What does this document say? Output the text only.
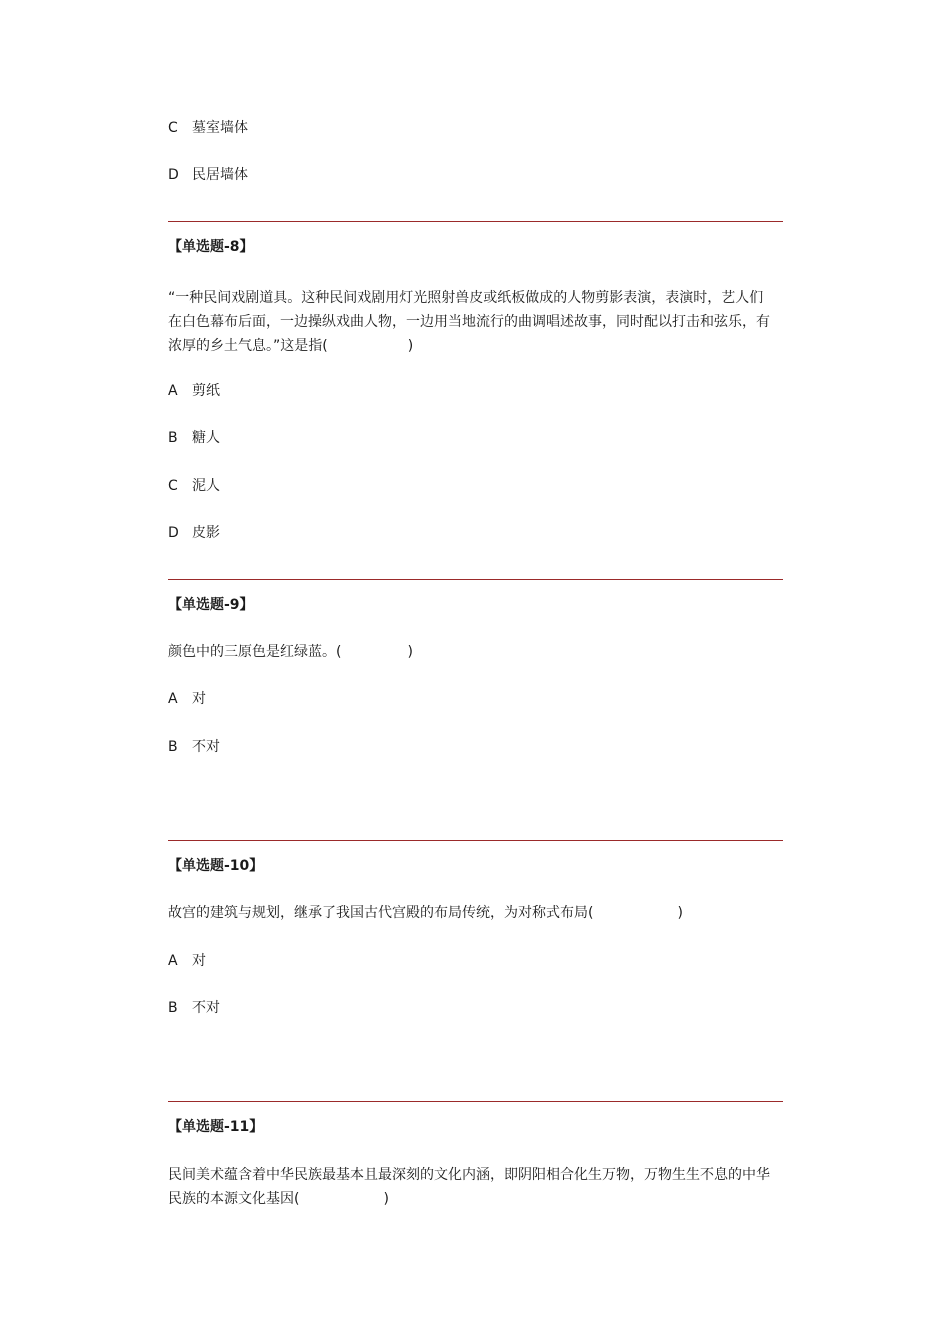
C 墓室墙体
D 民居墙体
【单选题-8】
“一种民间戏剧道具。这种民间戏剧用灯光照射兽皮或纸板做成的人物剪影表演，表演时，艺人们
在白色幕布后面，一边操纵戏曲人物，一边用当地流行的曲调唱述故事，同时配以打击和弦乐，有
浓厚的乡土气息。”这是指(	)
A 剪纸
B 糖人
C 泥人
D 皮影
【单选题-9】
颜色中的三原色是红绿蓝。(	)
A 对
B 不对
【单选题-10】
故宫的建筑与规划，继承了我国古代宫殿的布局传统，为对称式布局(	)
A 对
B 不对
【单选题-11】
民间美术蕴含着中华民族最基本且最深刻的文化内涵，即阴阳相合化生万物，万物生生不息的中华
民族的本源文化基因(	)
